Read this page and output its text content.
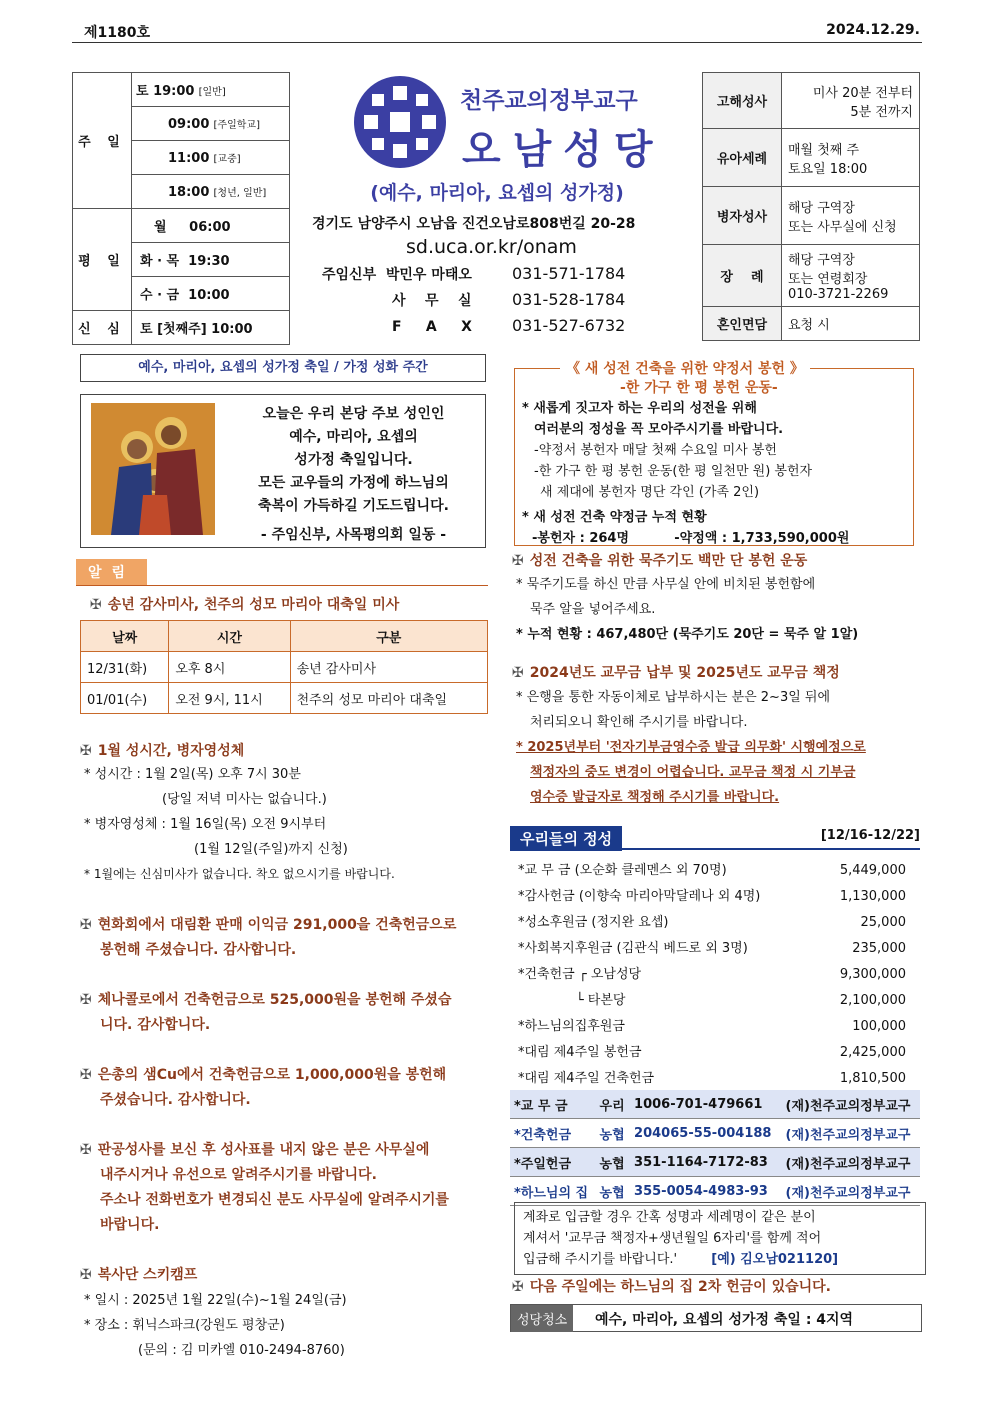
제1180호	2024.12.29.
주 일	토 19:00 [일반]
	09:00 [주일학교]
	11:00 [교중]
	18:00 [청년, 일반]
평 일	월     06:00
	화 · 목  19:30
	수 · 금  10:00
신 심	토 [첫째주] 10:00
천주교의정부교구
오남성당
(예수, 마리아, 요셉의 성가정)
경기도 남양주시 오남읍 진건오남로808번길 20-28
sd.uca.or.kr/onam
주임신부  박민우 마태오	031-571-1784
사    무    실	031-528-1784
F     A     X	031-527-6732
고해성사	미사 20분 전부터
5분 전까지
유아세례	매월 첫째 주
토요일 18:00
병자성사	해당 구역장
또는 사무실에 신청
장    례	해당 구역장
또는 연령회장
010-3721-2269
혼인면담	요청 시
예수, 마리아, 요셉의 성가정 축일 / 가정 성화 주간
오늘은 우리 본당 주보 성인인
예수, 마리아, 요셉의
성가정 축일입니다.
모든 교우들의 가정에 하느님의
축복이 가득하길 기도드립니다.
- 주임신부, 사목평의회 일동 -
알림
✠ 송년 감사미사, 천주의 성모 마리아 대축일 미사
날짜	시간	구분
12/31(화)	오후 8시	송년 감사미사
01/01(수)	오전 9시, 11시	천주의 성모 마리아 대축일
✠ 1월 성시간, 병자영성체
* 성시간 : 1월 2일(목) 오후 7시 30분
(당일 저녁 미사는 없습니다.)
* 병자영성체 : 1월 16일(목) 오전 9시부터
(1월 12일(주일)까지 신청)
* 1월에는 신심미사가 없습니다. 착오 없으시기를 바랍니다.
✠ 현화회에서 대림환 판매 이익금 291,000을 건축헌금으로
봉헌해 주셨습니다. 감사합니다.
✠ 체나콜로에서 건축헌금으로 525,000원을 봉헌해 주셨습
니다. 감사합니다.
✠ 은총의 샘Cu에서 건축헌금으로 1,000,000원을 봉헌해
주셨습니다. 감사합니다.
✠ 판공성사를 보신 후 성사표를 내지 않은 분은 사무실에
내주시거나 유선으로 알려주시기를 바랍니다.
주소나 전화번호가 변경되신 분도 사무실에 알려주시기를
바랍니다.
✠ 복사단 스키캠프
* 일시 : 2025년 1월 22일(수)~1월 24일(금)
* 장소 : 휘닉스파크(강원도 평창군)
(문의 : 김 미카엘 010-2494-8760)
《 새 성전 건축을 위한 약정서 봉헌 》
-한 가구 한 평 봉헌 운동-
* 새롭게 짓고자 하는 우리의 성전을 위해
여러분의 정성을 꼭 모아주시기를 바랍니다.
-약정서 봉헌자 매달 첫째 수요일 미사 봉헌
-한 가구 한 평 봉헌 운동(한 평 일천만 원) 봉헌자
새 제대에 봉헌자 명단 각인 (가족 2인)
* 새 성전 건축 약정금 누적 현황
-봉헌자 : 264명          -약정액 : 1,733,590,000원
✠ 성전 건축을 위한 묵주기도 백만 단 봉헌 운동
* 묵주기도를 하신 만큼 사무실 안에 비치된 봉헌함에
묵주 알을 넣어주세요.
* 누적 현황 : 467,480단 (묵주기도 20단 = 묵주 알 1알)
✠ 2024년도 교무금 납부 및 2025년도 교무금 책정
* 은행을 통한 자동이체로 납부하시는 분은 2~3일 뒤에
처리되오니 확인해 주시기를 바랍니다.
* 2025년부터 '전자기부금영수증 발급 의무화' 시행예정으로
책정자의 중도 변경이 어렵습니다. 교무금 책정 시 기부금
영수증 발급자로 책정해 주시기를 바랍니다.
우리들의 정성	[12/16-12/22]
*교 무 금 (오순화 클레멘스 외 70명)	5,449,000
*감사헌금 (이향숙 마리아막달레나 외 4명)	1,130,000
*성소후원금 (정지완 요셉)	25,000
*사회복지후원금 (김관식 베드로 외 3명)	235,000
*건축헌금 ┌ 오남성당	9,300,000
└ 타본당	2,100,000
*하느님의집후원금	100,000
*대림 제4주일 봉헌금	2,425,000
*대림 제4주일 건축헌금	1,810,500
*교 무 금	우리	1006-701-479661	(재)천주교의정부교구
*건축헌금	농협	204065-55-004188	(재)천주교의정부교구
*주일헌금	농협	351-1164-7172-83	(재)천주교의정부교구
*하느님의 집	농협	355-0054-4983-93	(재)천주교의정부교구
계좌로 입금할 경우 간혹 성명과 세례명이 같은 분이
계셔서 '교무금 책정자+생년월일 6자리'를 함께 적어
입금해 주시기를 바랍니다.'	[예) 김오남021120]
✠ 다음 주일에는 하느님의 집 2차 헌금이 있습니다.
성당청소	예수, 마리아, 요셉의 성가정 축일 : 4지역
